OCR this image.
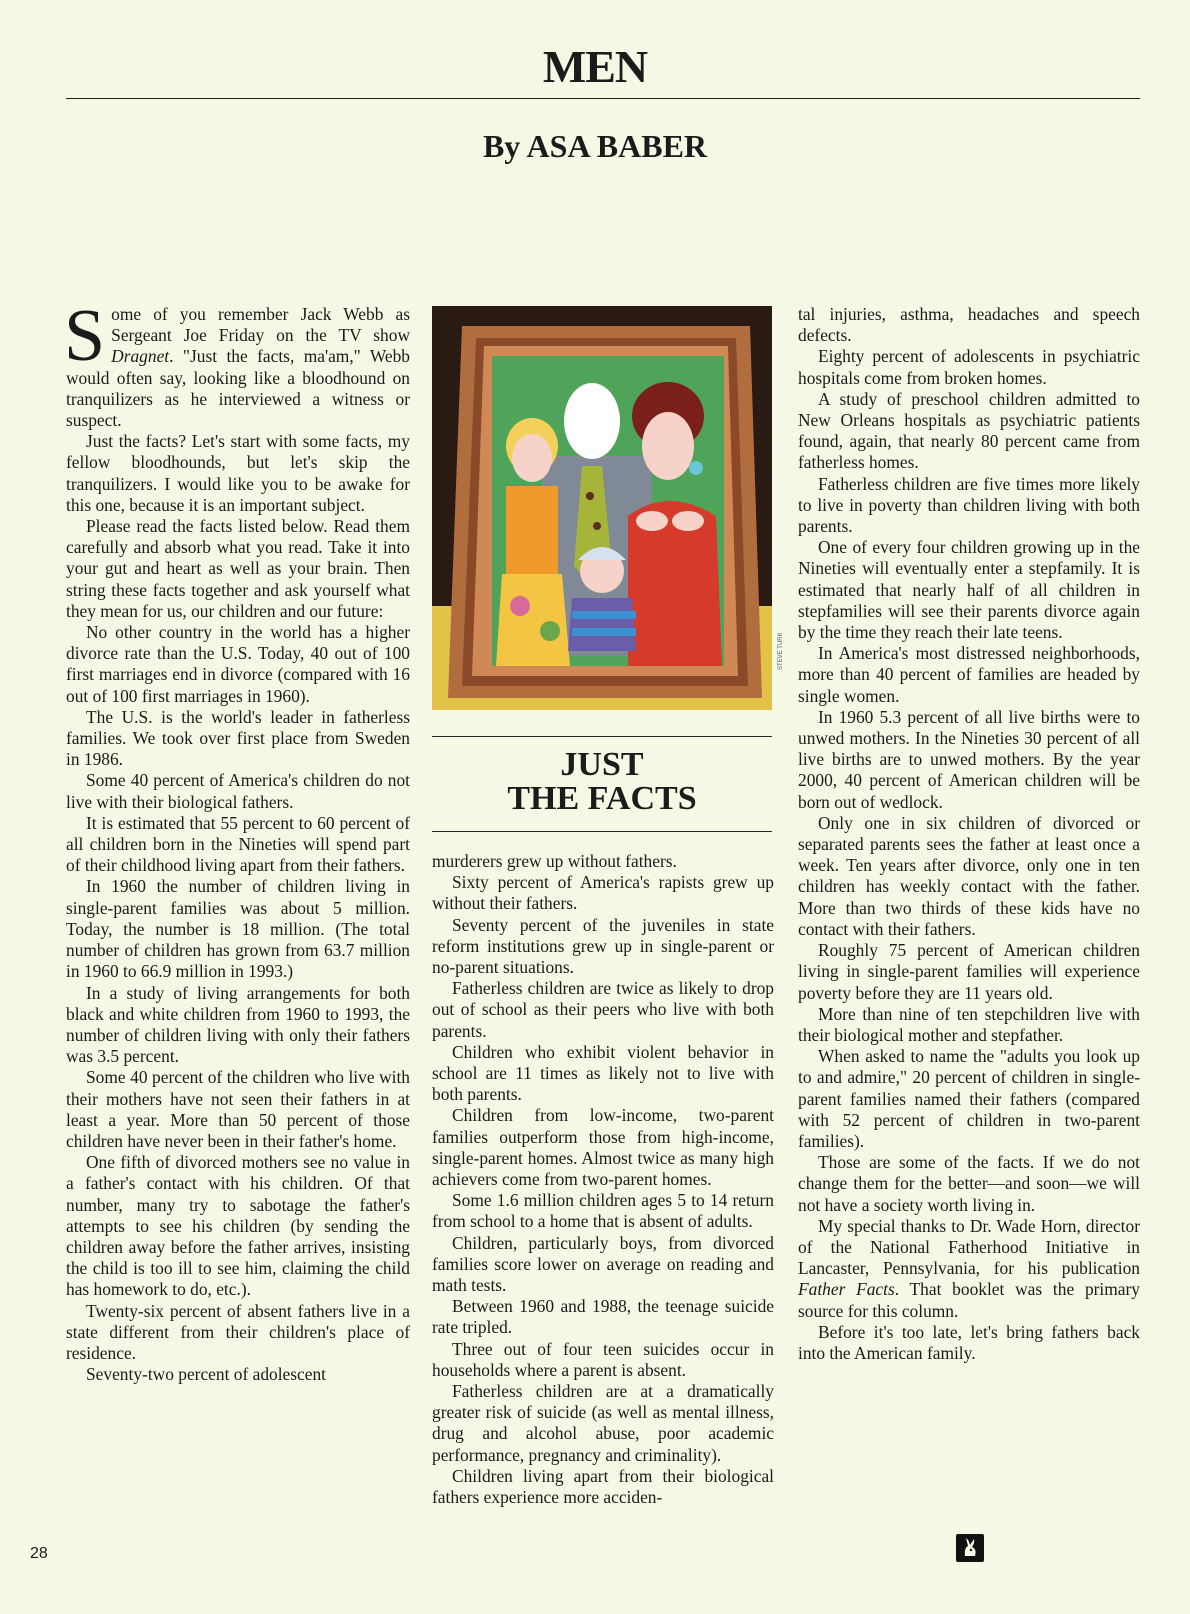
MEN
By ASA BABER

Some of you remember Jack Webb as Sergeant Joe Friday on the TV show Dragnet. "Just the facts, ma'am," Webb would often say, looking like a bloodhound on tranquilizers as he interviewed a witness or suspect.

Just the facts? Let's start with some facts, my fellow bloodhounds, but let's skip the tranquilizers. I would like you to be awake for this one, because it is an important subject.

Please read the facts listed below. Read them carefully and absorb what you read. Take it into your gut and heart as well as your brain. Then string these facts together and ask yourself what they mean for us, our children and our future:

No other country in the world has a higher divorce rate than the U.S. Today, 40 out of 100 first marriages end in divorce (compared with 16 out of 100 first marriages in 1960).

The U.S. is the world's leader in fatherless families. We took over first place from Sweden in 1986.

Some 40 percent of America's children do not live with their biological fathers.

It is estimated that 55 percent to 60 percent of all children born in the Nineties will spend part of their childhood living apart from their fathers.

In 1960 the number of children living in single-parent families was about 5 million. Today, the number is 18 million. (The total number of children has grown from 63.7 million in 1960 to 66.9 million in 1993.)

In a study of living arrangements for both black and white children from 1960 to 1993, the number of children living with only their fathers was 3.5 percent.

Some 40 percent of the children who live with their mothers have not seen their fathers in at least a year. More than 50 percent of those children have never been in their father's home.

One fifth of divorced mothers see no value in a father's contact with his children. Of that number, many try to sabotage the father's attempts to see his children (by sending the children away before the father arrives, insisting the child is too ill to see him, claiming the child has homework to do, etc.).

Twenty-six percent of absent fathers live in a state different from their children's place of residence.

Seventy-two percent of adolescent

STEVE TURK
JUST
THE FACTS

murderers grew up without fathers.

Sixty percent of America's rapists grew up without their fathers.

Seventy percent of the juveniles in state reform institutions grew up in single-parent or no-parent situations.

Fatherless children are twice as likely to drop out of school as their peers who live with both parents.

Children who exhibit violent behavior in school are 11 times as likely not to live with both parents.

Children from low-income, two-parent families outperform those from high-income, single-parent homes. Almost twice as many high achievers come from two-parent homes.

Some 1.6 million children ages 5 to 14 return from school to a home that is absent of adults.

Children, particularly boys, from divorced families score lower on average on reading and math tests.

Between 1960 and 1988, the teenage suicide rate tripled.

Three out of four teen suicides occur in households where a parent is absent.

Fatherless children are at a dramatically greater risk of suicide (as well as mental illness, drug and alcohol abuse, poor academic performance, pregnancy and criminality).

Children living apart from their biological fathers experience more acciden-

tal injuries, asthma, headaches and speech defects.

Eighty percent of adolescents in psychiatric hospitals come from broken homes.

A study of preschool children admitted to New Orleans hospitals as psychiatric patients found, again, that nearly 80 percent came from fatherless homes.

Fatherless children are five times more likely to live in poverty than children living with both parents.

One of every four children growing up in the Nineties will eventually enter a stepfamily. It is estimated that nearly half of all children in stepfamilies will see their parents divorce again by the time they reach their late teens.

In America's most distressed neighborhoods, more than 40 percent of families are headed by single women.

In 1960 5.3 percent of all live births were to unwed mothers. In the Nineties 30 percent of all live births are to unwed mothers. By the year 2000, 40 percent of American children will be born out of wedlock.

Only one in six children of divorced or separated parents sees the father at least once a week. Ten years after divorce, only one in ten children has weekly contact with the father. More than two thirds of these kids have no contact with their fathers.

Roughly 75 percent of American children living in single-parent families will experience poverty before they are 11 years old.

More than nine of ten stepchildren live with their biological mother and stepfather.

When asked to name the "adults you look up to and admire," 20 percent of children in single-parent families named their fathers (compared with 52 percent of children in two-parent families).

Those are some of the facts. If we do not change them for the better—and soon—we will not have a society worth living in.

My special thanks to Dr. Wade Horn, director of the National Fatherhood Initiative in Lancaster, Pennsylvania, for his publication Father Facts. That booklet was the primary source for this column.

Before it's too late, let's bring fathers back into the American family.

28
